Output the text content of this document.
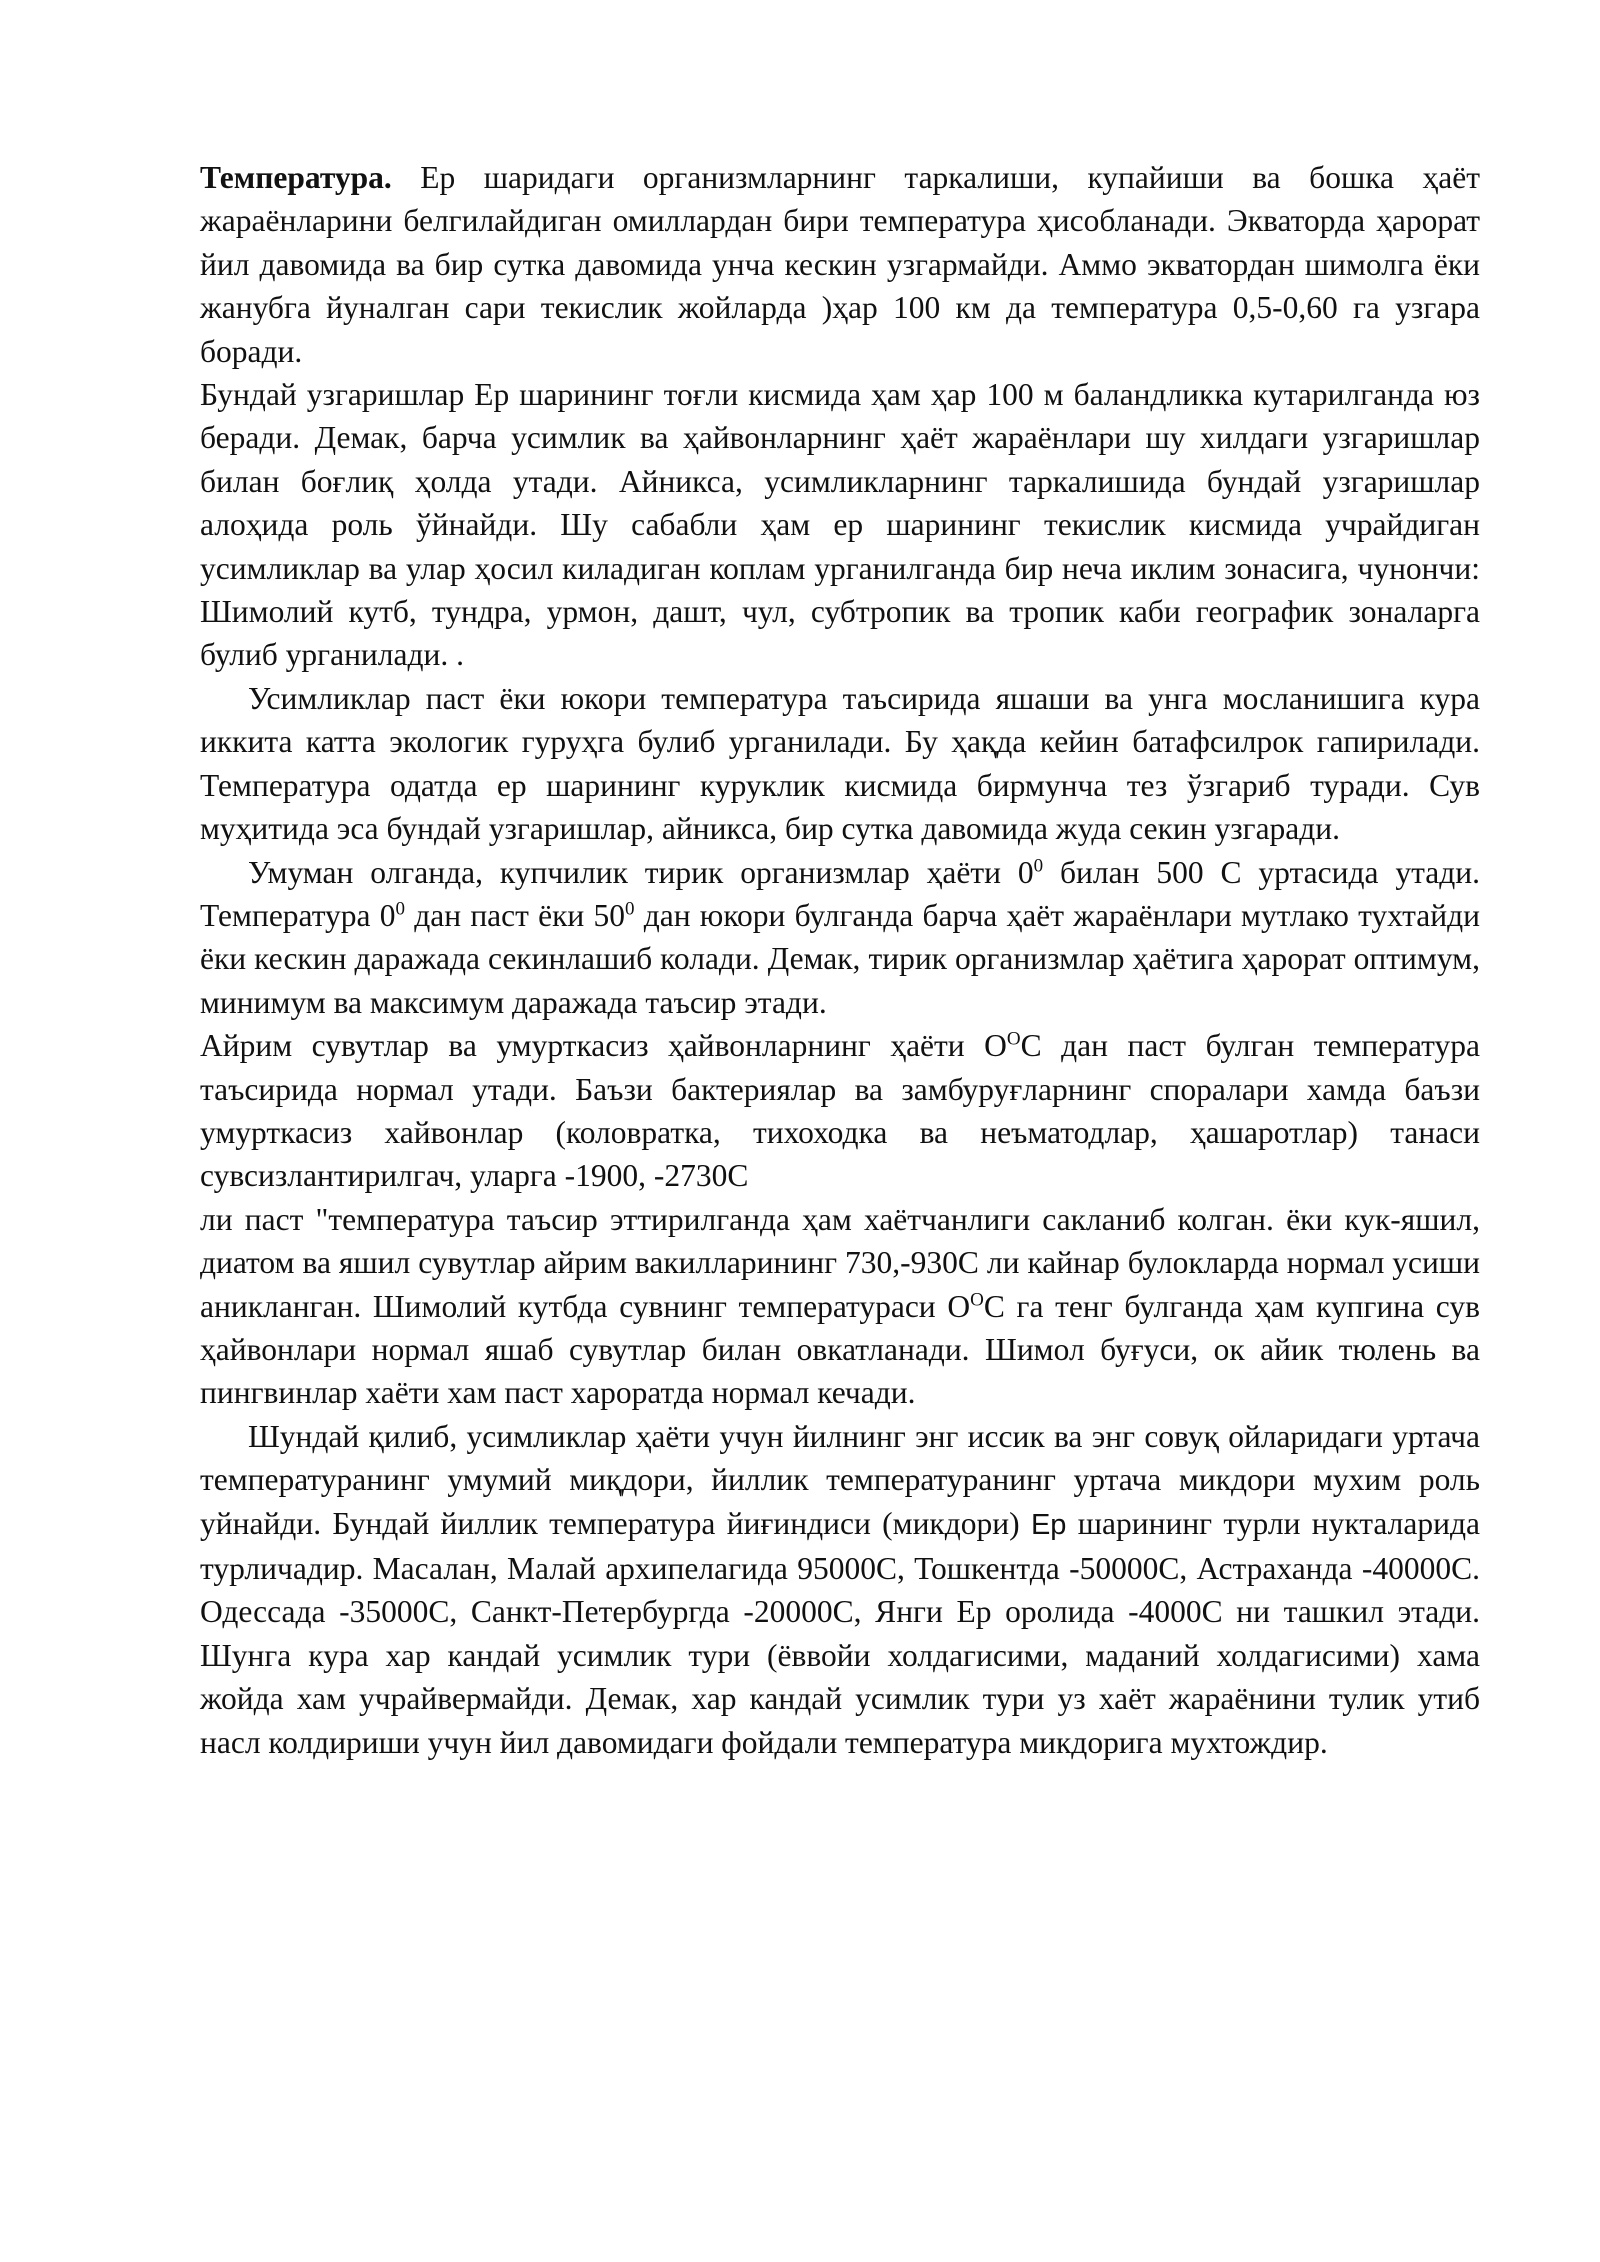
Температура. Ер шаридаги организмларнинг таркалиши, купайиши ва бошка ҳаёт жараёнларини белгилайдиган омиллардан бири температура ҳисобланади. Экваторда ҳарорат йил давомида ва бир сутка давомида унча кескин узгармайди. Аммо экватордан шимолга ёки жанубга йуналган сари текислик жойларда )ҳар 100 км да температура 0,5-0,60 га узгара боради.

Бундай узгаришлар Ер шарининг тоғли кисмида ҳам ҳар 100 м баландликка кутарилганда юз беради. Демак, барча усимлик ва ҳайвонларнинг ҳаёт жараёнлари шу хилдаги узгаришлар билан боғлиқ ҳолда утади. Айникса, усимликларнинг таркалишида бундай узгаришлар алоҳида роль ўйнайди. Шу сабабли ҳам ер шарининг текислик кисмида учрайдиган усимликлар ва улар ҳосил киладиган коплам урганилганда бир неча иклим зонасига, чунончи: Шимолий кутб, тундра, урмон, дашт, чул, субтропик ва тропик каби географик зоналарга булиб урганилади. .

Усимликлар паст ёки юкори температура таъсирида яшаши ва унга мосланишига кура иккита катта экологик гуруҳга булиб урганилади. Бу ҳақда кейин батафсилрок гапирилади. Температура одатда ер шарининг куруклик кисмида бирмунча тез ўзгариб туради. Сув муҳитида эса бундай узгаришлар, айникса, бир сутка давомида жуда секин узгаради.

Умуман олганда, купчилик тирик организмлар ҳаёти $0^0$ билан 500 С уртасида утади. Температура $0^0$ дан паст ёки $50^0$ дан юкори булганда барча ҳаёт жараёнлари мутлако тухтайди ёки кескин даражада секинлашиб колади. Демак, тирик организмлар ҳаётига ҳарорат оптимум, минимум ва максимум даражада таъсир этади.

Айрим сувутлар ва умурткасиз ҳайвонларнинг ҳаёти $О^ОС$ дан паст булган температура таъсирида нормал утади. Баъзи бактериялар ва замбуруғларнинг споралари хамда баъзи умурткасиз хайвонлар (коловратка, тихоходка ва неъматодлар, ҳашаротлар) танаси сувсизлантирилгач, уларга -1900, -2730С

ли паст "температура таъсир эттирилганда ҳам хаётчанлиги сакланиб колган. ёки кук-яшил, диатом ва яшил сувутлар айрим вакилларининг 730,-930С ли кайнар булокларда нормал усиши аникланган. Шимолий кутбда сувнинг температураси $О^ОС$ га тенг булганда ҳам купгина сув ҳайвонлари нормал яшаб сувутлар билан овкатланади. Шимол буғуси, ок айик тюлень ва пингвинлар хаёти хам паст хароратда нормал кечади.

Шундай қилиб, усимликлар ҳаёти учун йилнинг энг иссик ва энг совуқ ойларидаги уртача температуранинг умумий миқдори, йиллик температуранинг уртача микдори мухим роль уйнайди. Бундай йиллик температура йиғиндиси (микдори) Ер шарининг турли нукталарида турличадир. Масалан, Малай архипелагида 95000С, Тошкентда -50000С, Астраханда -40000С. Одессада -35000С, Санкт-Петербургда -20000С, Янги Ер оролида -4000С ни ташкил этади. Шунга кура хар кандай усимлик тури (ёввойи холдагисими, маданий холдагисими) хама жойда хам учрайвермайди. Демак, хар кандай усимлик тури уз хаёт жараёнини тулик утиб насл колдириши учун йил давомидаги фойдали температура микдорига мухтождир.
